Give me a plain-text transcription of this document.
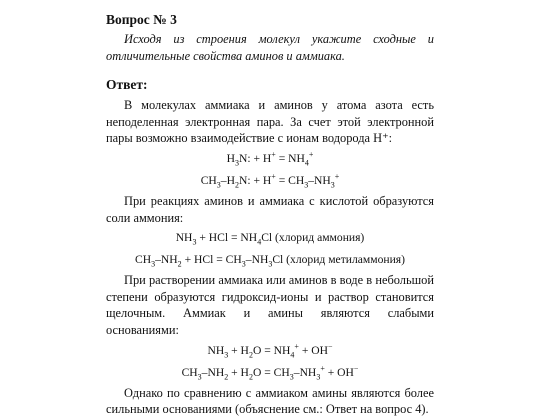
Вопрос № 3
Исходя из строения молекул укажите сходные и отличительные свойства аминов и аммиака.
Ответ:

В молекулах аммиака и аминов у атома азота есть неподеленная электронная пара. За счет этой электронной пары возможно взаимодействие с ионам водорода H⁺:

$H_3N$: + $H^+ = NH_4^+$
$CH_3-H_2N$: + $H^+ = CH_3-NH_3^+$

При реакциях аминов и аммиака с кислотой образуются соли аммония:

$NH_3$ + HCl = $NH_4Cl$ (хлорид аммония)
$CH_3-NH_2$ + HCl = $CH_3-NH_3Cl$ (хлорид метиламмония)

При растворении аммиака или аминов в воде в небольшой степени образуются гидроксид-ионы и раствор становится щелочным. Аммиак и амины являются слабыми основаниями:

$NH_3 + H_2O = NH_4^+ + OH^-$
$CH_3-NH_2 + H_2O = CH_3-NH_3^+ + OH^-$

Однако по сравнению с аммиаком амины являются более сильными основаниями (объяснение см.: Ответ на вопрос 4).
